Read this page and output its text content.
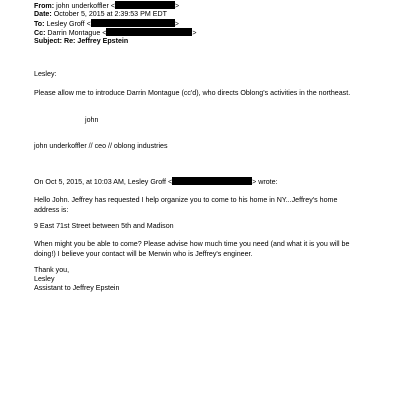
From: john underkoffler <	>
Date: October 5, 2015 at 2:39:53 PM EDT
To: Lesley Groff <	>
Cc: Darrin Montague <	>
Subject: Re: Jeffrey Epstein
Lesley:
Please allow me to introduce Darrin Montague (cc'd), who directs Oblong's activities in the northeast.
john
john underkoffler // ceo // oblong industries
On Oct 5, 2015, at 10:03 AM, Lesley Groff <	> wrote:
Hello John. Jeffrey has requested I help organize you to come to his home in NY...Jeffrey's home address is:
9 East 71st Street between 5th and Madison
When might you be able to come? Please advise how much time you need (and what it is you will be doing!) I believe your contact will be Merwin who is Jeffrey's engineer.
Thank you,
Lesley
Assistant to Jeffrey Epstein
